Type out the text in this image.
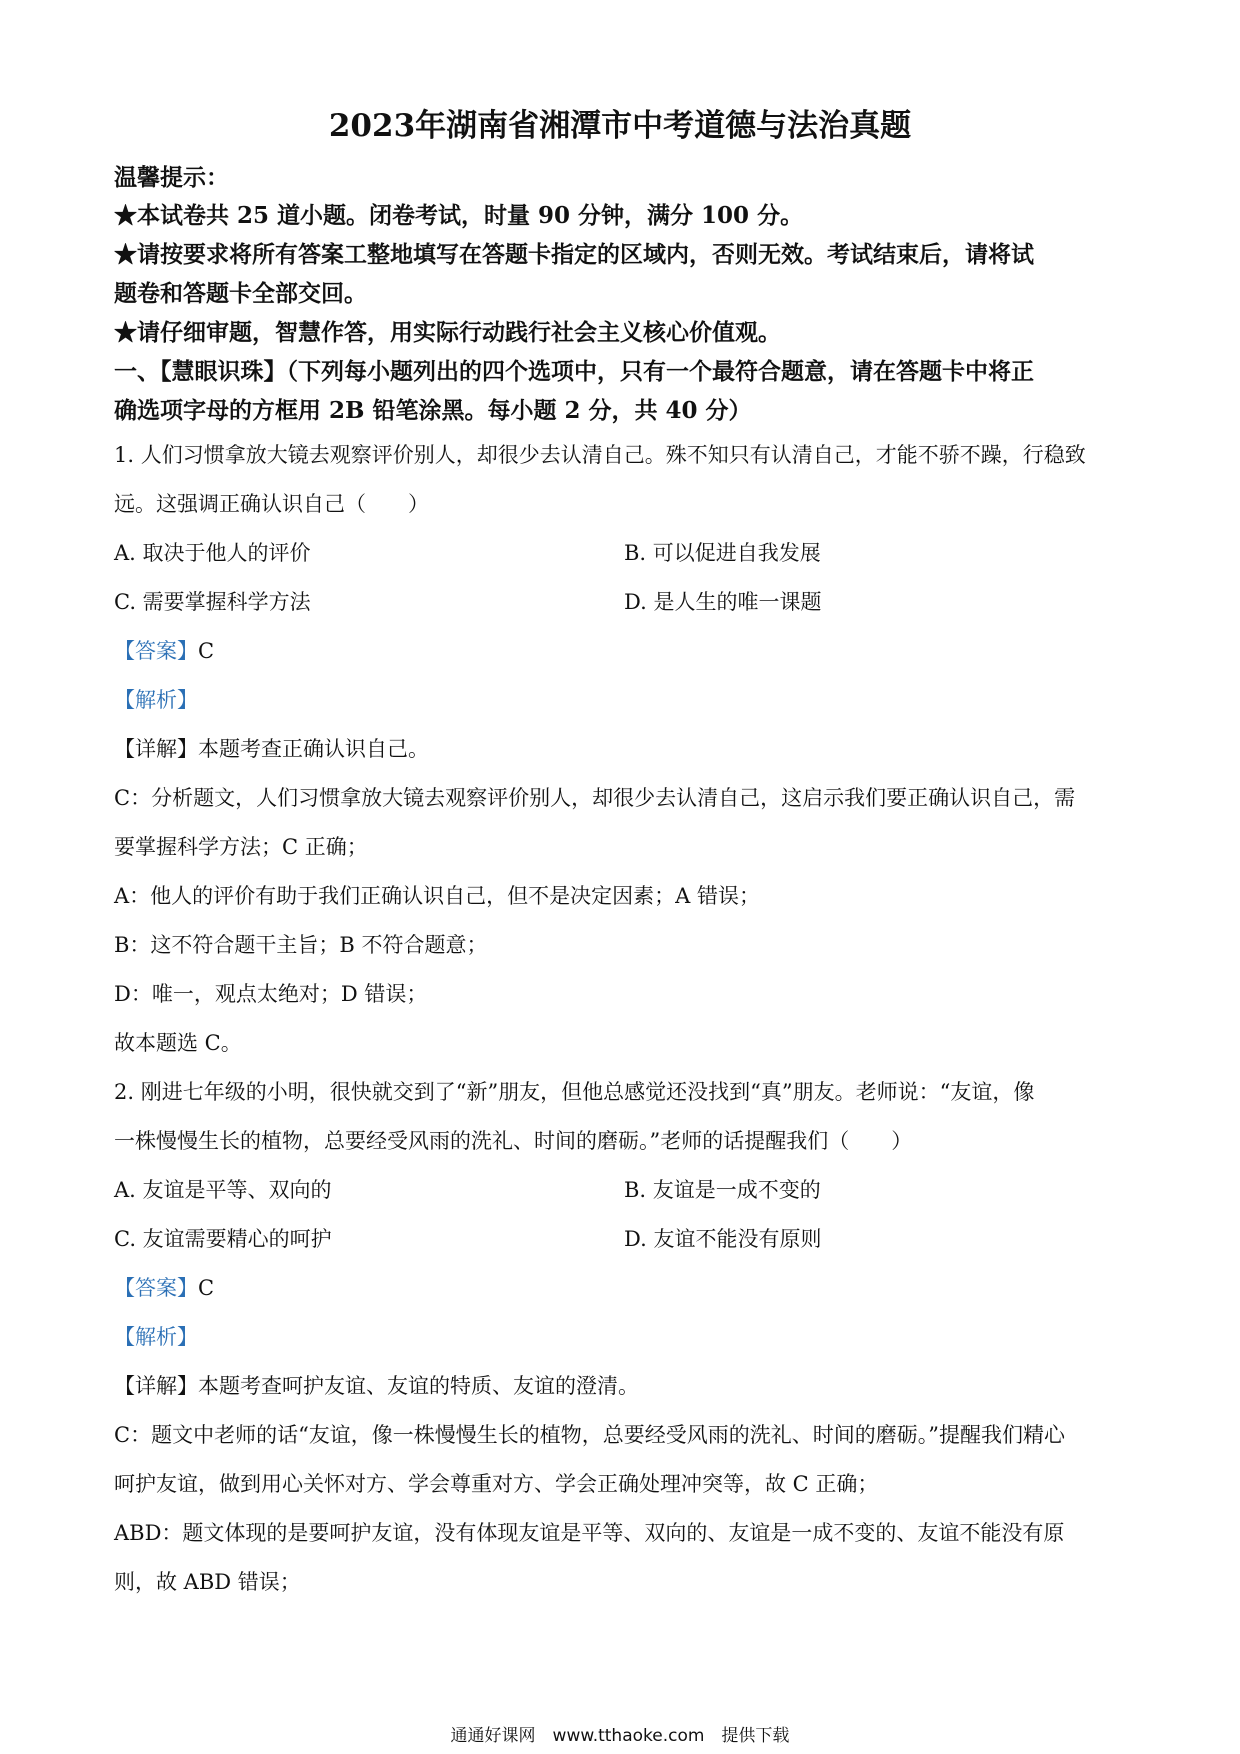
2023年湖南省湘潭市中考道德与法治真题
温馨提示：
★本试卷共 25 道小题。闭卷考试，时量 90 分钟，满分 100 分。
★请按要求将所有答案工整地填写在答题卡指定的区域内，否则无效。考试结束后，请将试
题卷和答题卡全部交回。
★请仔细审题，智慧作答，用实际行动践行社会主义核心价值观。
一、【慧眼识珠】（下列每小题列出的四个选项中，只有一个最符合题意，请在答题卡中将正
确选项字母的方框用 2B 铅笔涂黑。每小题 2 分，共 40 分）
1. 人们习惯拿放大镜去观察评价别人，却很少去认清自己。殊不知只有认清自己，才能不骄不躁，行稳致
远。这强调正确认识自己（　　）
A. 取决于他人的评价	B. 可以促进自我发展
C. 需要掌握科学方法	D. 是人生的唯一课题
【答案】C
【解析】
【详解】本题考查正确认识自己。
C：分析题文，人们习惯拿放大镜去观察评价别人，却很少去认清自己，这启示我们要正确认识自己，需
要掌握科学方法；C 正确；
A：他人的评价有助于我们正确认识自己，但不是决定因素；A 错误；
B：这不符合题干主旨；B 不符合题意；
D：唯一，观点太绝对；D 错误；
故本题选 C。
2. 刚进七年级的小明，很快就交到了“新”朋友，但他总感觉还没找到“真”朋友。老师说：“友谊，像
一株慢慢生长的植物，总要经受风雨的洗礼、时间的磨砺。”老师的话提醒我们（　　）
A. 友谊是平等、双向的	B. 友谊是一成不变的
C. 友谊需要精心的呵护	D. 友谊不能没有原则
【答案】C
【解析】
【详解】本题考查呵护友谊、友谊的特质、友谊的澄清。
C：题文中老师的话“友谊，像一株慢慢生长的植物，总要经受风雨的洗礼、时间的磨砺。”提醒我们精心
呵护友谊，做到用心关怀对方、学会尊重对方、学会正确处理冲突等，故 C 正确；
ABD：题文体现的是要呵护友谊，没有体现友谊是平等、双向的、友谊是一成不变的、友谊不能没有原
则，故 ABD 错误；
通通好课网　www.tthaoke.com　提供下载
